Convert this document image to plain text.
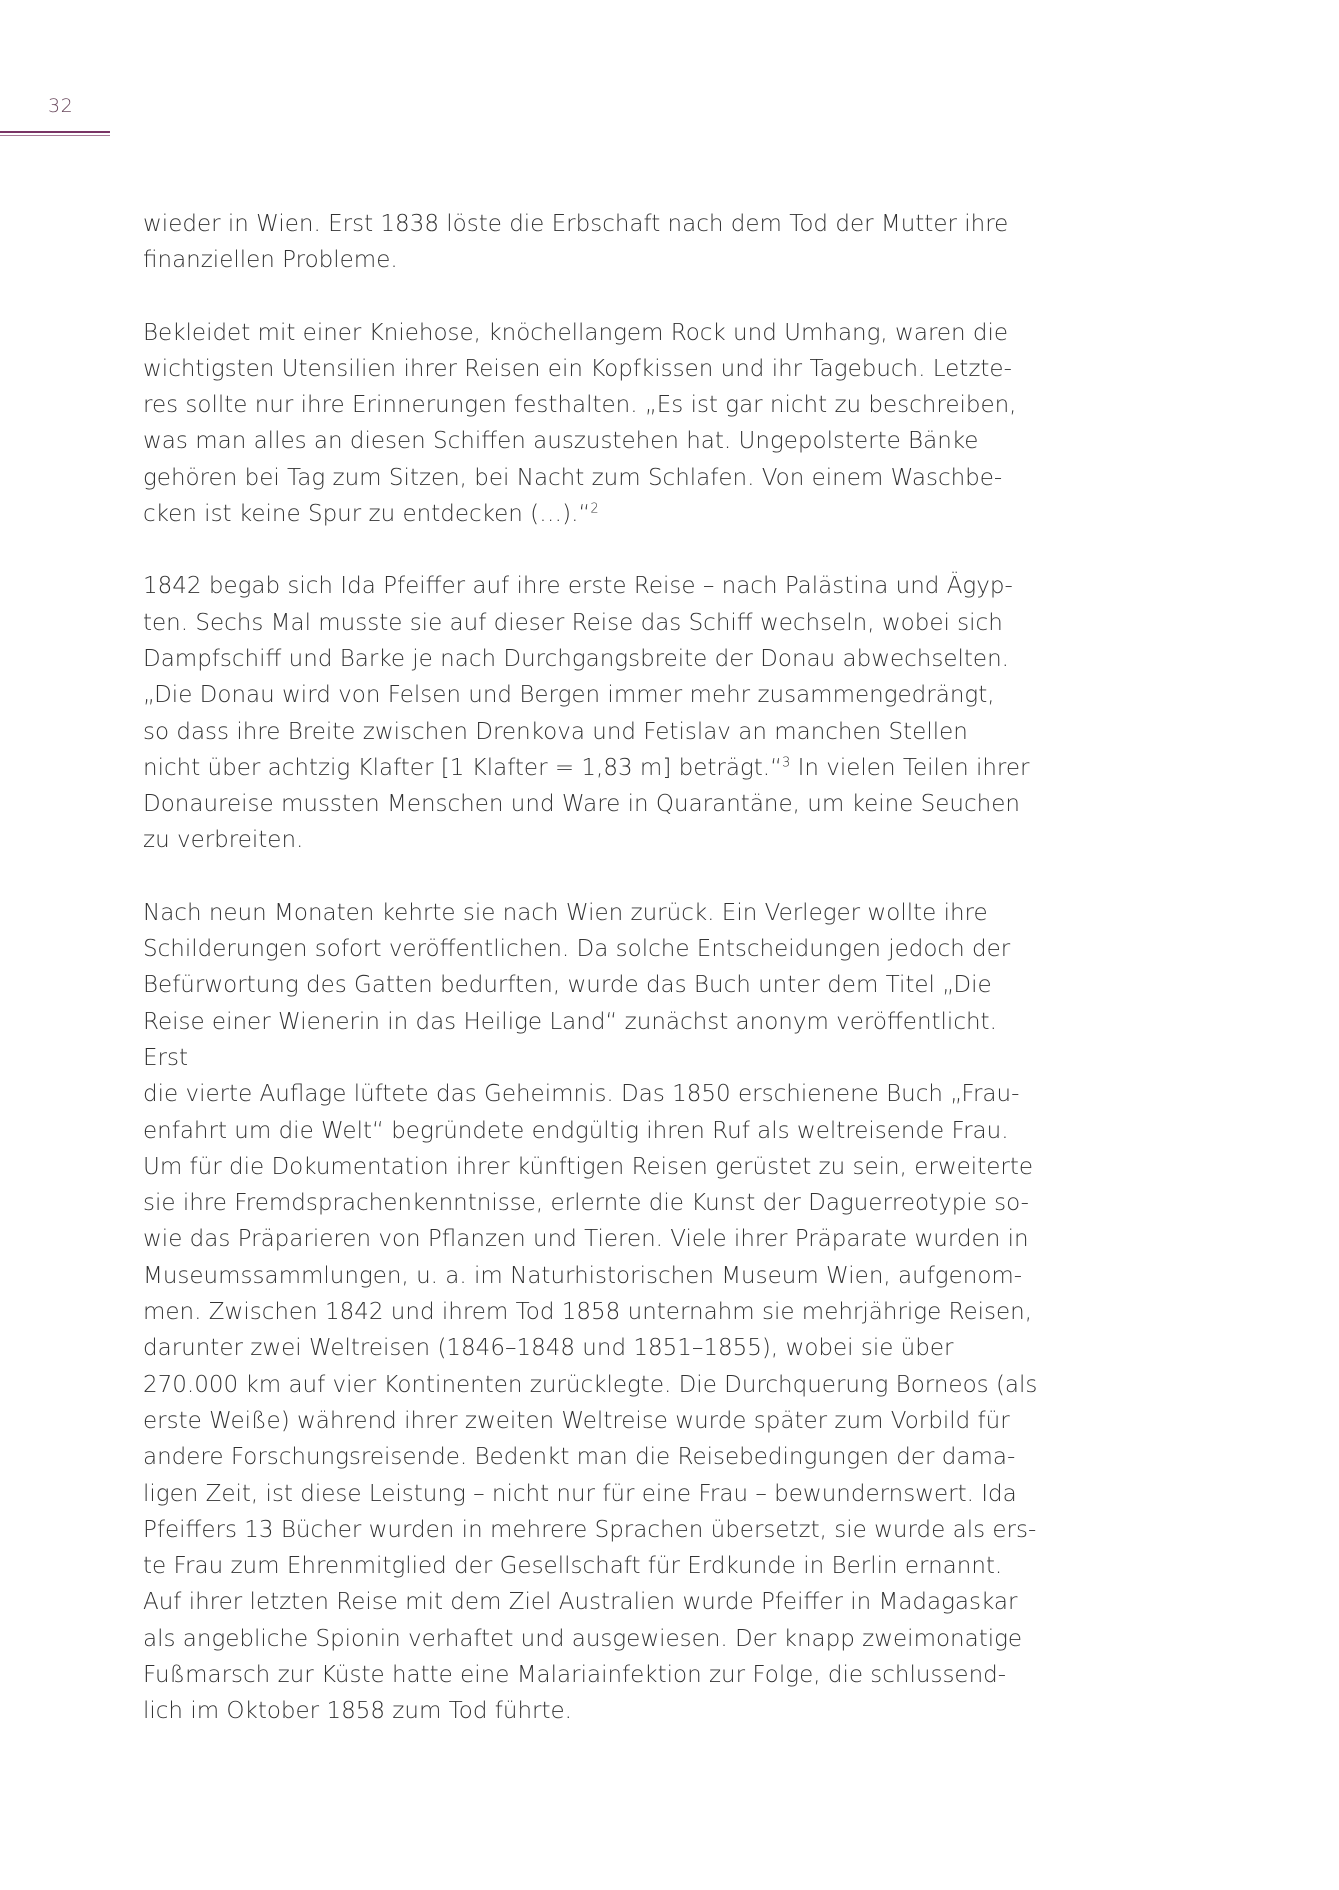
32

wieder in Wien. Erst 1838 löste die Erbschaft nach dem Tod der Mutter ihre
finanziellen Probleme.

Bekleidet mit einer Kniehose, knöchellangem Rock und Umhang, waren die
wichtigsten Utensilien ihrer Reisen ein Kopfkissen und ihr Tagebuch. Letzte-
res sollte nur ihre Erinnerungen festhalten. „Es ist gar nicht zu beschreiben,
was man alles an diesen Schiffen auszustehen hat. Ungepolsterte Bänke
gehören bei Tag zum Sitzen, bei Nacht zum Schlafen. Von einem Waschbe-
cken ist keine Spur zu entdecken (…).“$^2$

1842 begab sich Ida Pfeiffer auf ihre erste Reise – nach Palästina und Ägyp-
ten. Sechs Mal musste sie auf dieser Reise das Schiff wechseln, wobei sich
Dampfschiff und Barke je nach Durchgangsbreite der Donau abwechselten.
„Die Donau wird von Felsen und Bergen immer mehr zusammengedrängt,
so dass ihre Breite zwischen Drenkova und Fetislav an manchen Stellen
nicht über achtzig Klafter [1 Klafter = 1,83 m] beträgt.“$^3$ In vielen Teilen ihrer
Donaureise mussten Menschen und Ware in Quarantäne, um keine Seuchen
zu verbreiten.

Nach neun Monaten kehrte sie nach Wien zurück. Ein Verleger wollte ihre
Schilderungen sofort veröffentlichen. Da solche Entscheidungen jedoch der
Befürwortung des Gatten bedurften, wurde das Buch unter dem Titel „Die
Reise einer Wienerin in das Heilige Land“ zunächst anonym veröffentlicht. Erst
die vierte Auflage lüftete das Geheimnis. Das 1850 erschienene Buch „Frau-
enfahrt um die Welt“ begründete endgültig ihren Ruf als weltreisende Frau.
Um für die Dokumentation ihrer künftigen Reisen gerüstet zu sein, erweiterte
sie ihre Fremdsprachenkenntnisse, erlernte die Kunst der Daguerreotypie so-
wie das Präparieren von Pflanzen und Tieren. Viele ihrer Präparate wurden in
Museumssammlungen, u. a. im Naturhistorischen Museum Wien, aufgenom-
men. Zwischen 1842 und ihrem Tod 1858 unternahm sie mehrjährige Reisen,
darunter zwei Weltreisen (1846–1848 und 1851–1855), wobei sie über
270.000 km auf vier Kontinenten zurücklegte. Die Durchquerung Borneos (als
erste Weiße) während ihrer zweiten Weltreise wurde später zum Vorbild für
andere Forschungsreisende. Bedenkt man die Reisebedingungen der dama-
ligen Zeit, ist diese Leistung – nicht nur für eine Frau – bewundernswert. Ida
Pfeiffers 13 Bücher wurden in mehrere Sprachen übersetzt, sie wurde als ers-
te Frau zum Ehrenmitglied der Gesellschaft für Erdkunde in Berlin ernannt.
Auf ihrer letzten Reise mit dem Ziel Australien wurde Pfeiffer in Madagaskar
als angebliche Spionin verhaftet und ausgewiesen. Der knapp zweimonatige
Fußmarsch zur Küste hatte eine Malariainfektion zur Folge, die schlussend-
lich im Oktober 1858 zum Tod führte.
